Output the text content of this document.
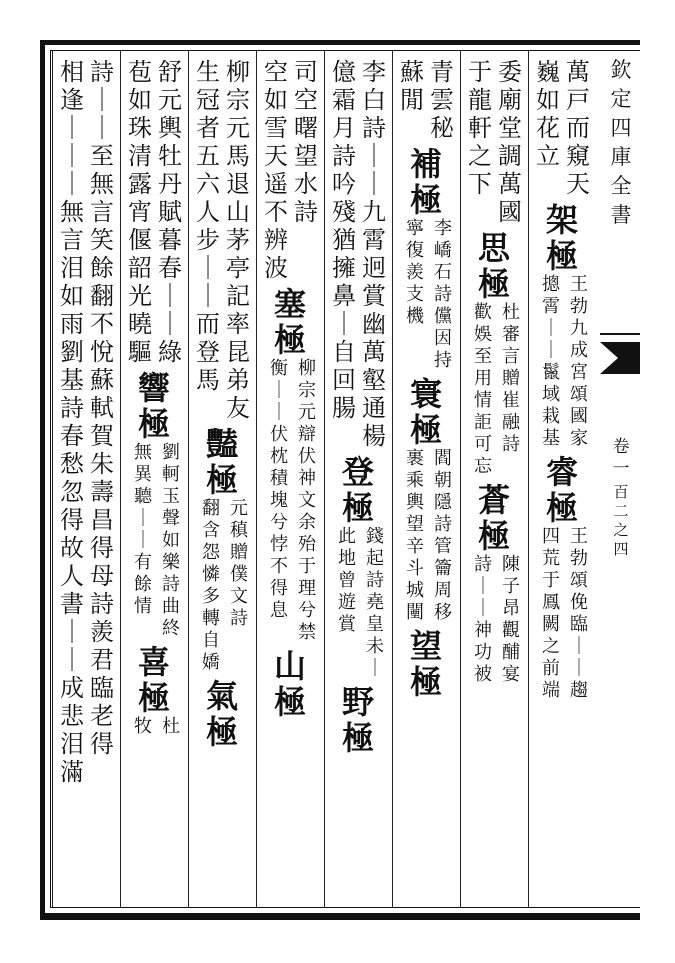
欽定四庫全書
卷一
百二之四
萬戸而窺天
巍如花立
架極
王勃九成宮頌國家
摠霄｜｜鬣域栽基
睿極
王勃頌俛臨｜｜趨
四荒于鳳闕之前端
委廟堂調萬國
于龍軒之下
思極
杜審言贈崔融詩
歡娛至用情詎可忘
蒼極
陳子昂觀酺宴
詩｜｜神功被
青雲秘
蘇閒
補極
李嶠石詩儻因持
寧復羨支機
寰極
閻朝隱詩管籥周移
裹乘輿望辛斗城闉
望極
李白詩｜｜九霄迥賞幽萬壑通楊
億霜月詩吟殘猶擁鼻｜自回腸
登極
錢起詩堯皇未｜
此地曾遊賞
野極
司空曙望水詩
空如雪天遥不辨波
塞極
柳宗元辯伏神文余殆于理兮禁
衡｜｜伏枕積塊兮悖不得息
山極
柳宗元馬退山茅亭記率昆弟友
生冠者五六人步｜｜而登馬
豔極
元稹贈僕文詩
翻含怨憐多轉自嬌
氣極
舒元輿牡丹賦暮春｜｜綠
苞如珠清露宵偃韶光曉驅
響極
劉軻玉聲如樂詩曲終
無異聽｜｜有餘情
喜極
杜
牧
詩｜｜至無言笑餘翻不悅蘇軾賀朱壽昌得母詩羨君臨老得
相逢｜｜｜無言泪如雨劉基詩春愁忽得故人書｜｜成悲泪滿
